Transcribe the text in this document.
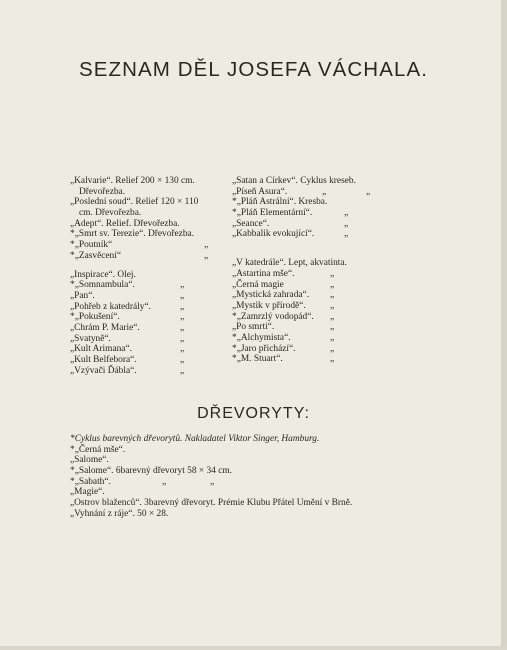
SEZNAM DĚL JOSEFA VÁCHALA.
„Kalvarie“. Relief 200 × 130 cm.
Dřevořezba.
„Poslední soud“. Relief 120 × 110
cm. Dřevořezba.
„Adept“. Relief. Dřevořezba.
*„Smrt sv. Terezie“. Dřevořezba.
*„Poutník“	„
*„Zasvěcení“	„
„Inspirace“. Olej.
*„Somnambula“.	„
„Pan“.	„
„Pohřeb z katedrály“.	„
*„Pokušení“.	„
„Chrám P. Marie“.	„
„Svatyně“.	„
„Kult Arimana“.	„
„Kult Belfebora“.	„
„Vzývači Ďábla“.	„
„Satan a Církev“. Cyklus kreseb.
„Píseň Asura“.	„	„
*„Pláň Astrální“. Kresba.
*„Pláň Elementární“.	„
„Seance“.	„
„Kabbalik evokující“.	„
„V katedrále“. Lept, akvatinta.
„Astartina mše“.	„
„Černá magie	„
„Mystická zahrada“. „
„Mystik v přírodě“.	„
*„Zamrzlý vodopád“. „
„Po smrti“.	„
*„Alchymista“.	„
*„Jaro přichází“.	„
*„M. Stuart“.	„
DŘEVORYTY:
*Cyklus barevných dřevorytů. Nakladatel Viktor Singer, Hamburg.
*„Černá mše“.
„Salome“.
*„Salome“. 6barevný dřevoryt 58 × 34 cm.
*„Sabath“.	„	„
„Magie“.
„Ostrov blaženců“. 3barevný dřevoryt. Prémie Klubu Přátel Umění v Brně.
„Vyhnání z ráje“. 50 × 28.
